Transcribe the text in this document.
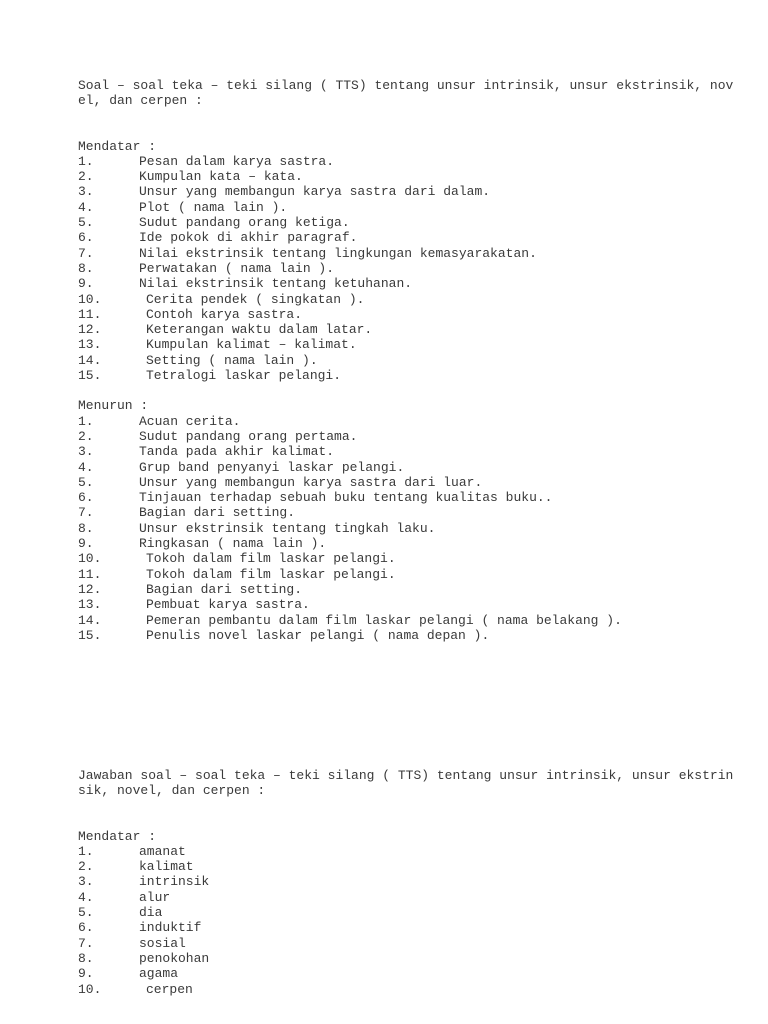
Soal – soal teka – teki silang ( TTS) tentang unsur intrinsik, unsur ekstrinsik, nov
el, dan cerpen :

Mendatar :
1.	Pesan dalam karya sastra.
2.	Kumpulan kata – kata.
3.	Unsur yang membangun karya sastra dari dalam.
4.	Plot ( nama lain ).
5.	Sudut pandang orang ketiga.
6.	Ide pokok di akhir paragraf.
7.	Nilai ekstrinsik tentang lingkungan kemasyarakatan.
8.	Perwatakan ( nama lain ).
9.	Nilai ekstrinsik tentang ketuhanan.
10.	Cerita pendek ( singkatan ).
11.	Contoh karya sastra.
12.	Keterangan waktu dalam latar.
13.	Kumpulan kalimat – kalimat.
14.	Setting ( nama lain ).
15.	Tetralogi laskar pelangi.
Menurun :
1.	Acuan cerita.
2.	Sudut pandang orang pertama.
3.	Tanda pada akhir kalimat.
4.	Grup band penyanyi laskar pelangi.
5.	Unsur yang membangun karya sastra dari luar.
6.	Tinjauan terhadap sebuah buku tentang kualitas buku..
7.	Bagian dari setting.
8.	Unsur ekstrinsik tentang tingkah laku.
9.	Ringkasan ( nama lain ).
10.	Tokoh dalam film laskar pelangi.
11.	Tokoh dalam film laskar pelangi.
12.	Bagian dari setting.
13.	Pembuat karya sastra.
14.	Pemeran pembantu dalam film laskar pelangi ( nama belakang ).
15.	Penulis novel laskar pelangi ( nama depan ).

Jawaban soal – soal teka – teki silang ( TTS) tentang unsur intrinsik, unsur ekstrin
sik, novel, dan cerpen :

Mendatar :
1.	amanat
2.	kalimat
3.	intrinsik
4.	alur
5.	dia
6.	induktif
7.	sosial
8.	penokohan
9.	agama
10.	cerpen
